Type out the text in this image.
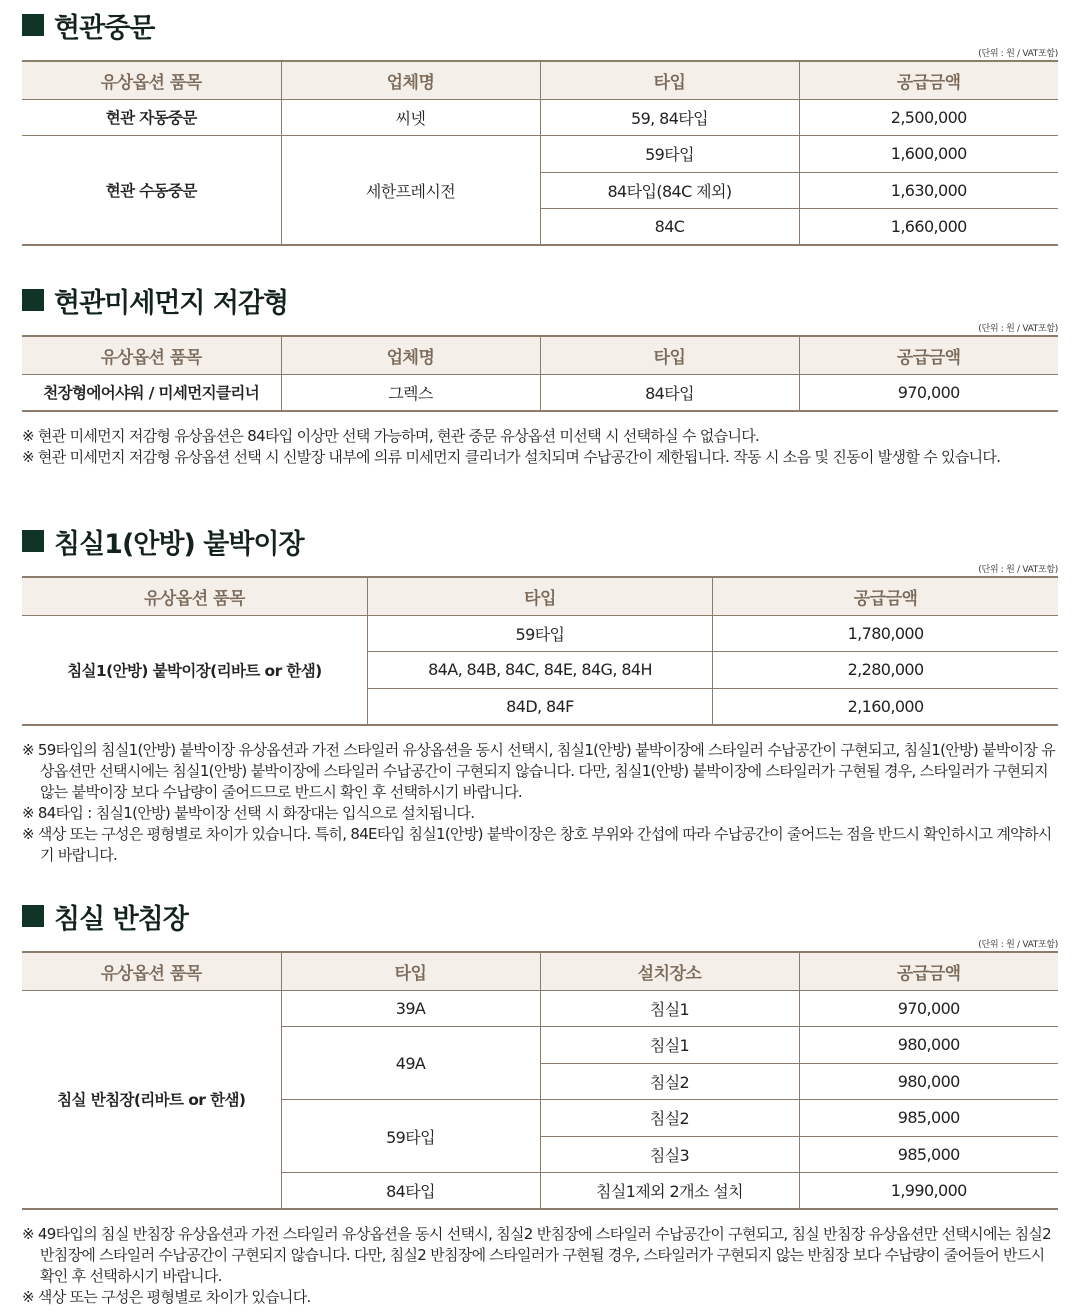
현관중문
(단위 : 원 / VAT포함)
유상옵션 품목	업체명	타입	공급금액
현관 자동중문	씨넷	59, 84타입	2,500,000
현관 수동중문	세한프레시전	59타입	1,600,000
		84타입(84C 제외)	1,630,000
		84C	1,660,000
현관미세먼지 저감형
(단위 : 원 / VAT포함)
유상옵션 품목	업체명	타입	공급금액
천장형에어샤워 / 미세먼지클리너	그렉스	84타입	970,000
※ 현관 미세먼지 저감형 유상옵션은 84타입 이상만 선택 가능하며, 현관 중문 유상옵션 미선택 시 선택하실 수 없습니다.
※ 현관 미세먼지 저감형 유상옵션 선택 시 신발장 내부에 의류 미세먼지 클리너가 설치되며 수납공간이 제한됩니다. 작동 시 소음 및 진동이 발생할 수 있습니다.
침실1(안방) 붙박이장
(단위 : 원 / VAT포함)
유상옵션 품목	타입	공급금액
침실1(안방) 붙박이장(리바트 or 한샘)	59타입	1,780,000
	84A, 84B, 84C, 84E, 84G, 84H	2,280,000
	84D, 84F	2,160,000
※ 59타입의 침실1(안방) 붙박이장 유상옵션과 가전 스타일러 유상옵션을 동시 선택시, 침실1(안방) 붙박이장에 스타일러 수납공간이 구현되고, 침실1(안방) 붙박이장 유상옵션만 선택시에는 침실1(안방) 붙박이장에 스타일러 수납공간이 구현되지 않습니다. 다만, 침실1(안방) 붙박이장에 스타일러가 구현될 경우, 스타일러가 구현되지 않는 붙박이장 보다 수납량이 줄어드므로 반드시 확인 후 선택하시기 바랍니다.
※ 84타입 : 침실1(안방) 붙박이장 선택 시 화장대는 입식으로 설치됩니다.
※ 색상 또는 구성은 평형별로 차이가 있습니다. 특히, 84E타입 침실1(안방) 붙박이장은 창호 부위와 간섭에 따라 수납공간이 줄어드는 점을 반드시 확인하시고 계약하시기 바랍니다.
침실 반침장
(단위 : 원 / VAT포함)
유상옵션 품목	타입	설치장소	공급금액
침실 반침장(리바트 or 한샘)	39A	침실1	970,000
	49A	침실1	980,000
		침실2	980,000
	59타입	침실2	985,000
		침실3	985,000
	84타입	침실1제외 2개소 설치	1,990,000
※ 49타입의 침실 반침장 유상옵션과 가전 스타일러 유상옵션을 동시 선택시, 침실2 반침장에 스타일러 수납공간이 구현되고, 침실 반침장 유상옵션만 선택시에는 침실2 반침장에 스타일러 수납공간이 구현되지 않습니다. 다만, 침실2 반침장에 스타일러가 구현될 경우, 스타일러가 구현되지 않는 반침장 보다 수납량이 줄어들어 반드시 확인 후 선택하시기 바랍니다.
※ 색상 또는 구성은 평형별로 차이가 있습니다.
